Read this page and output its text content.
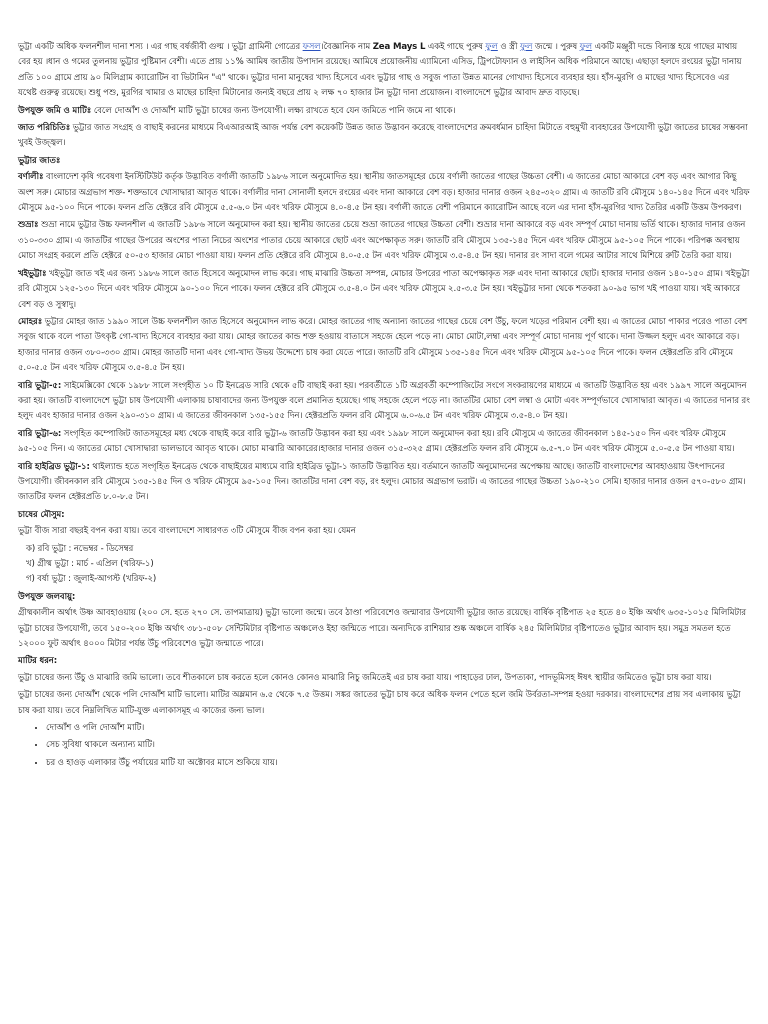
ভুট্টা একটি অধিক ফলনশীল দানা শস্য । এর গাছ বর্ষজীবী গুল্ম । ভুট্টা গ্রামিনী গোত্রের ফসল।বৈজ্ঞানিক নাম Zea Mays L একই গাছে পুরুষ ফুল ও স্ত্রী ফুল জন্মে । পুরুষ ফুল একটি মঞ্জুরী দন্ডে বিন্যস্ত হয়ে গাছের মাথায় বের হয় ।ধান ও গমের তুলনায় ভুট্টার পুষ্টিমান বেশী। এতে প্রায় ১১% আমিষ জাতীয় উপাদান রয়েছে। আমিষে প্রয়োজনীয় এ্যামিনো এসিড, ট্রিপটোফ্যান ও লাইসিন অধিক পরিমানে আছে। এছাড়া হলদে রংয়ের ভুট্টা দানায় প্রতি ১০০ গ্রামে প্রায় ৯০ মিলিগ্রাম ক্যারোটিন বা ভিটামিন "এ" থাকে। ভুট্টার দানা মানুষের খাদ্য হিসেবে এবং ভুট্টার গাছ ও সবুজ পাতা উন্নত মানের গোখাদ্য হিসেবে ব্যবহার হয়। হাঁস-মুরগি ও মাছের খাদ্য হিসেবেও এর যথেষ্ট গুরুত্ব রয়েছে। শুধু পশু, মুরগির খামার ও মাছের চাহিদা মিটানোর জন্যই বছরে প্রায় ২ লক্ষ ৭০ হাজার টন ভুট্টা দানা প্রয়োজন। বাংলাদেশে ভুট্টার আবাদ দ্রুত বাড়ছে।

উপযুক্ত জমি ও মাটিঃ বেলে দোআঁশ ও দোআঁশ মাটি ভুট্টা চাষের জন্য উপযোগী। লক্ষ্য রাখতে হবে যেন জমিতে পানি জমে না থাকে।

জাত পরিচিতিঃ ভুট্টার জাত সংগ্রহ ও বাছাই করনের মাধ্যমে বিএআরআই আজ পর্যন্ত বেশ কয়েকটি উন্নত জাত উদ্ভাবন করেছে বাংলাদেশের ক্রমবর্ধমান চাহিদা মিটাতে বহুমুখী ব্যবহারের উপযোগী ভুট্টা জাতের চাষের সম্ভবনা খুবই উজ্জ্বল।

ভুট্টার জাতঃ

বর্ণালীঃ বাংলাদেশ কৃষি গবেষণা ইনস্টিটিউট কর্তৃক উদ্ভাবিত বর্ণালী জাতটি ১৯৮৬ সালে অনুমোদিত হয়। স্থানীয় জাতসমূহের চেয়ে বর্ণালী জাতের গাছের উচ্চতা বেশী। এ জাতের মোচা আকারে বেশ বড় এবং আগার কিছু অংশ সরু। মোচার অগ্রভাগ শক্ত- শক্তভাবে খোসাদ্বারা আবৃত থাকে। বর্ণালীর দানা সোনালী হলদে রংয়ের এবং দানা আকারে বেশ বড়। হাজার দানার ওজন ২৪৫-৩২০ গ্রাম। এ জাতটি রবি মৌসুমে ১৪০-১৪৫ দিনে এবং খরিফ মৌসুমে ৯৫-১০০ দিনে পাকে। ফলন প্রতি হেক্টরে রবি মৌসুমে ৫.৫-৬.০ টন এবং খরিফ মৌসুমে ৪.০-৪.৫ টন হয়। বর্ণালী জাতে বেশী পরিমানে ক্যারোটিন আছে বলে এর দানা হাঁস-মুরগির খাদ্য তৈরির একটি উত্তম উপকরণ।

শুভ্রাঃ শুভ্রা নামে ভুট্টার উচ্চ ফলনশীল এ জাতটি ১৯৮৬ সালে অনুমোদন করা হয়। স্থানীয় জাতের চেয়ে শুভ্রা জাতের গাছের উচ্চতা বেশী। শুভ্রার দানা আকারে বড় এবং সম্পূর্ণ মোচা দানায় ভর্তি থাকে। হাজার দানার ওজন ৩১০-৩৩০ গ্রাম। এ জাতটির গাছের উপরের অংশের পাতা নিচের অংশের পাতার চেয়ে আকারে ছোট এবং অপেক্ষাকৃত সরু। জাতটি রবি মৌসুমে ১৩৫-১৪৫ দিনে এবং খরিফ মৌসুমে ৯৫-১০৫ দিনে পাকে। পরিপক্ক অবস্থায় মোচা সংগ্রহ করলে প্রতি হেক্টরে ৫০-৫৩ হাজার মোচা পাওয়া যায়। ফলন প্রতি হেক্টরে রবি মৌসুমে ৪.০-৫.৫ টন এবং খরিফ মৌসুমে ৩.৫-৪.৫ টন হয়। দানার রং সাদা বলে গমের আটার সাথে মিশিয়ে রুটি তৈরি করা যায়।

খইভুট্টাঃ খইভুট্টা জাত খই এর জন্য ১৯৮৬ সালে জাত হিসেবে অনুমোদন লাভ করে। গাছ মাঝারি উচ্চতা সম্পন্ন, মোচার উপরের পাতা অপেক্ষাকৃত সরু এবং দানা আকারে ছোট। হাজার দানার ওজন ১৪০-১৫০ গ্রাম। খইভুট্টা রবি মৌসুমে ১২৫-১৩০ দিনে এবং খরিফ মৌসুমে ৯০-১০০ দিনে পাকে। ফলন হেক্টরে রবি মৌসুমে ৩.৫-৪.০ টন এবং খরিফ মৌসুমে ২.৫-৩.৫ টন হয়। খইভুট্টার দানা থেকে শতকরা ৯০-৯৫ ভাগ খই পাওয়া যায়। খই আকারে বেশ বড় ও সুস্বাদু।

মোহরঃ ভুট্টার মোহর জাত ১৯৯০ সালে উচ্চ ফলনশীল জাত হিসেবে অনুমোদন লাভ করে। মোহর জাতের গাছ অন্যান্য জাতের গাছের চেয়ে বেশ উঁচু, ফলে খড়ের পরিমান বেশী হয়। এ জাতের মোচা পাকার পরেও পাতা বেশ সবুজ থাকে বলে পাতা উৎকৃষ্ট গো-খাদ্য হিসেবে ব্যবহার করা যায়। মোহর জাতের কান্ড শক্ত হওয়ায় বাতাসে সহজে হেলে পড়ে না। মোচা মোটা,লম্বা এবং সম্পূর্ণ মোচা দানায় পূর্ণ থাকে। দানা উজ্জল হলুদ এবং আকারে বড়। হাজার দানার ওজন ৩৮০-৩৩০ গ্রাম। মোহর জাতটি দানা এবং গো-খাদ্য উভয় উদ্দেশ্যে চাষ করা যেতে পারে। জাতটি রবি মৌসুমে ১৩৫-১৪৫ দিনে এবং খরিফ মৌসুমে ৯৫-১০৫ দিনে পাকে। ফলন হেক্টরপ্রতি রবি মৌসুমে ৫.০-৫.৫ টন এবং খরিফ মৌসুমে ৩.৫-৪.৫ টন হয়।

বারি ভুট্টা-৫: সাইমেক্সিকো থেকে ১৯৮৮ সালে সংগৃহীত ১০ টি ইনব্রেড সারি থেকে ৫টি বাছাই করা হয়। পরবর্তীতে ১টি অগ্রবর্তী কম্পোজিটের সংগে সংকরায়ণের মাধ্যমে এ জাতটি উদ্ভাবিত হয় এবং ১৯৯৭ সালে অনুমোদন করা হয়। জাতটি বাংলাদেশে ভুট্টা চাষ উপযোগী এলাকায় চাষাবাদের জন্য উপযুক্ত বলে প্রমানিত হয়েছে। গাছ সহজে হেলে পড়ে না। জাতটির মোচা বেশ লম্বা ও মোটা এবং সম্পূর্ণভাবে খোসাদ্বারা আবৃত। এ জাতের দানার রং হলুদ এবং হাজার দানার ওজন ২৯০-৩১০ গ্রাম। এ জাতের জীবনকাল ১৩৫-১৫৫ দিন। হেক্টরপ্রতি ফলন রবি মৌসুমে ৬.০-৬.৫ টন এবং খরিফ মৌসুমে ৩.৫-৪.০ টন হয়।

বারি ভুট্টা-৬: সংগৃহিত কম্পোজিট জাতসমূহের মধ্য থেকে বাছাই করে বারি ভুট্টা-৬ জাতটি উদ্ভাবন করা হয় এবং ১৯৯৮ সালে অনুমোদন করা হয়। রবি মৌসুমে এ জাতের জীবনকাল ১৪৫-১৫০ দিন এবং খরিফ মৌসুমে ৯৫-১০৫ দিন। এ জাতের মোচা খোসাদ্বারা ভালভাবে আবৃত থাকে। মোচা মাঝারি আকারের।হাজার দানার ওজন ৩১৫-৩২৫ গ্রাম। হেক্টরপ্রতি ফলন রবি মৌসুমে ৬.৫-৭.০ টন এবং খরিফ মৌসুমে ৫.০-৫.৫ টন পাওয়া যায়।

বারি হাইব্রিড ভুট্টা-১: থাইল্যান্ড হতে সংগৃহিত ইনব্রেড থেকে বাছাইয়ের মাধ্যমে বারি হাইব্রিড ভুট্টা-১ জাতটি উদ্ভাবিত হয়। বর্তমানে জাতটি অনুমোদনের অপেক্ষায় আছে। জাতটি বাংলাদেশের আবহাওয়ায় উৎপাদনের উপযোগী। জীবনকাল রবি মৌসুমে ১৩৫-১৪৫ দিন ও খরিফ মৌসুমে ৯৫-১০৫ দিন। জাতটির দানা বেশ বড়, রং হলুদ। মোচার অগ্রভাগ ভরাট। এ জাতের গাছের উচ্চতা ১৯০-২১০ সেমি। হাজার দানার ওজন ৫৭০-৫৮০ গ্রাম। জাতটির ফলন হেক্টরপ্রতি ৮.০-৮.৫ টন।

চাষের মৌসুম:

ভুট্টা বীজ সারা বছরই বপন করা যায়। তবে বাংলাদেশে সাধারণত ৩টি মৌসুমে বীজ বপন করা হয়। যেমন

ক) রবি ভুট্টা : নভেম্বর - ডিসেম্বর
খ) গ্রীষ্ম ভুট্টা : মার্চ - এপ্রিল (খরিফ-১)
গ) বর্ষা ভুট্টা : জুলাই-আগস্ট (খরিফ-২)

উপযুক্ত জলবায়ু:

গ্রীষ্মকালীন অর্থাৎ উষ্ণ আবহাওয়ায় (২০০ সে. হতে ২৭০ সে. তাপমাত্রায়) ভুট্টা ভালো জন্মে। তবে ঠাণ্ডা পরিবেশেও জন্মাবার উপযোগী ভুট্টার জাত রয়েছে। বার্ষিক বৃষ্টিপাত ২৫ হতে ৪০ ইঞ্চি অর্থাৎ ৬৩৫-১০১৫ মিলিমিটার ভুট্টা চাষের উপযোগী, তবে ১৫০-২০০ ইঞ্চি অর্থাৎ ৩৮১-৫০৮ সেন্টিমিটার বৃষ্টিপাত অঞ্চলেও ইহা জন্মিতে পারে। অন্যদিকে রাশিয়ার শুষ্ক অঞ্চলে বার্ষিক ২৪৫ মিলিমিটার বৃষ্টিপাতেও ভুট্টার আবাদ হয়। সমুদ্র সমতল হতে ১২০০০ ফুট অর্থাৎ ৪০০০ মিটার পর্যন্ত উঁচু পরিবেশেও ভুট্টা জন্মাতে পারে।

মাটির ধরন:

ভুট্টা চাষের জন্য উঁচু ও মাঝারি জমি ভালো। তবে শীতকালে চাষ করতে হলে কোনও কোনও মাঝারি নিচু জমিতেই এর চাষ করা যায়। পাহাড়ের ঢাল, উপত্যকা, পাদভূমিসহ ঈষৎ স্থায়ীর জমিতেও ভুট্টা চাষ করা যায়।

ভুট্টা চাষের জন্য দোআঁশ থেকে পলি দোআঁশ মাটি ভালো। মাটির অম্লমান ৬.৫ থেকে ৭.৫ উত্তম। সঙ্কর জাতের ভুট্টা চাষ করে অধিক ফলন পেতে হলে জমি উর্বরতা-সম্পন্ন হওয়া দরকার। বাংলাদেশের প্রায় সব এলাকায় ভুট্টা চাষ করা যায়। তবে নিম্নলিখিত মাটি-যুক্ত এলাকাসমূহ এ কাজের জন্য ভাল।

• দোআঁশ ও পলি দোআঁশ মাটি।
• সেচ সুবিধা থাকলে অন্যান্য মাটি।
• চর ও হাওড় এলাকার উঁচু পর্যায়ের মাটি যা অক্টোবর মাসে শুকিয়ে যায়।
